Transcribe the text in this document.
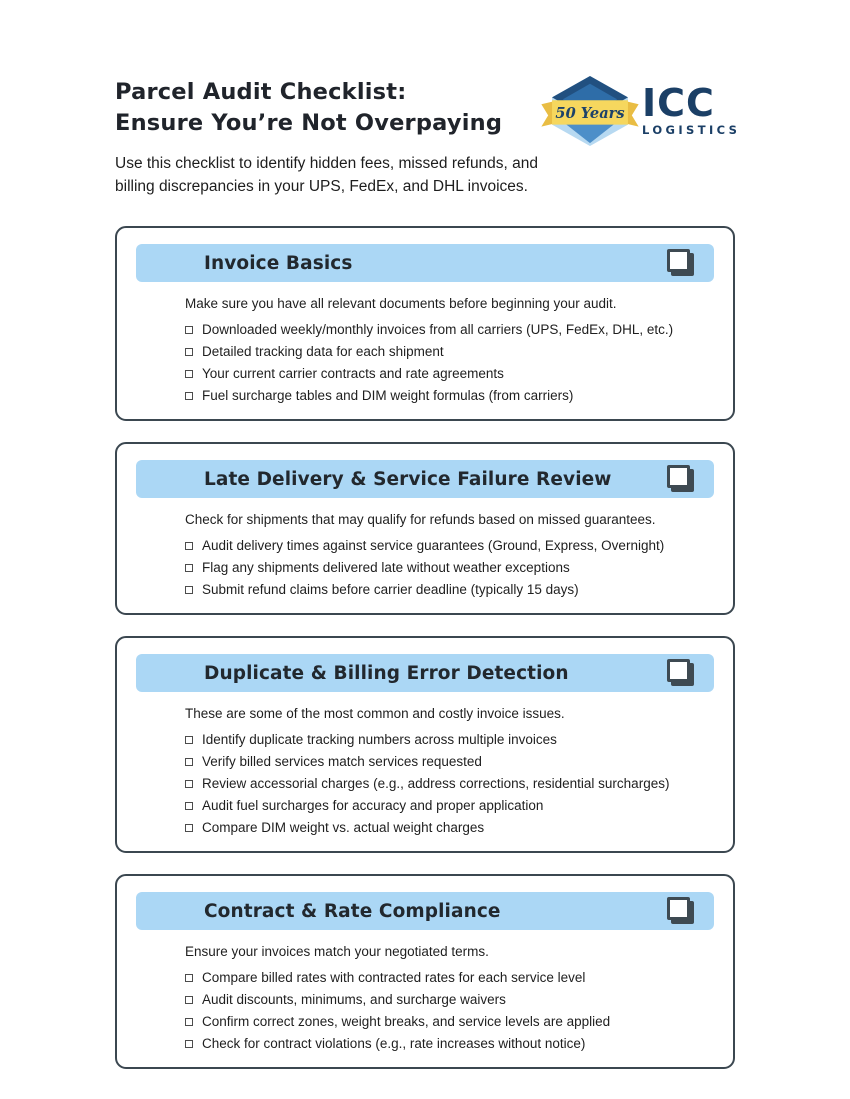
Parcel Audit Checklist:
Ensure You’re Not Overpaying

Use this checklist to identify hidden fees, missed refunds, and billing discrepancies in your UPS, FedEx, and DHL invoices.

50 Years ICC
LOGISTICS
Invoice Basics

Make sure you have all relevant documents before beginning your audit.

Downloaded weekly/monthly invoices from all carriers (UPS, FedEx, DHL, etc.)
Detailed tracking data for each shipment
Your current carrier contracts and rate agreements
Fuel surcharge tables and DIM weight formulas (from carriers)
Late Delivery & Service Failure Review

Check for shipments that may qualify for refunds based on missed guarantees.

Audit delivery times against service guarantees (Ground, Express, Overnight)
Flag any shipments delivered late without weather exceptions
Submit refund claims before carrier deadline (typically 15 days)
Duplicate & Billing Error Detection

These are some of the most common and costly invoice issues.

Identify duplicate tracking numbers across multiple invoices
Verify billed services match services requested
Review accessorial charges (e.g., address corrections, residential surcharges)
Audit fuel surcharges for accuracy and proper application
Compare DIM weight vs. actual weight charges
Contract & Rate Compliance

Ensure your invoices match your negotiated terms.

Compare billed rates with contracted rates for each service level
Audit discounts, minimums, and surcharge waivers
Confirm correct zones, weight breaks, and service levels are applied
Check for contract violations (e.g., rate increases without notice)
